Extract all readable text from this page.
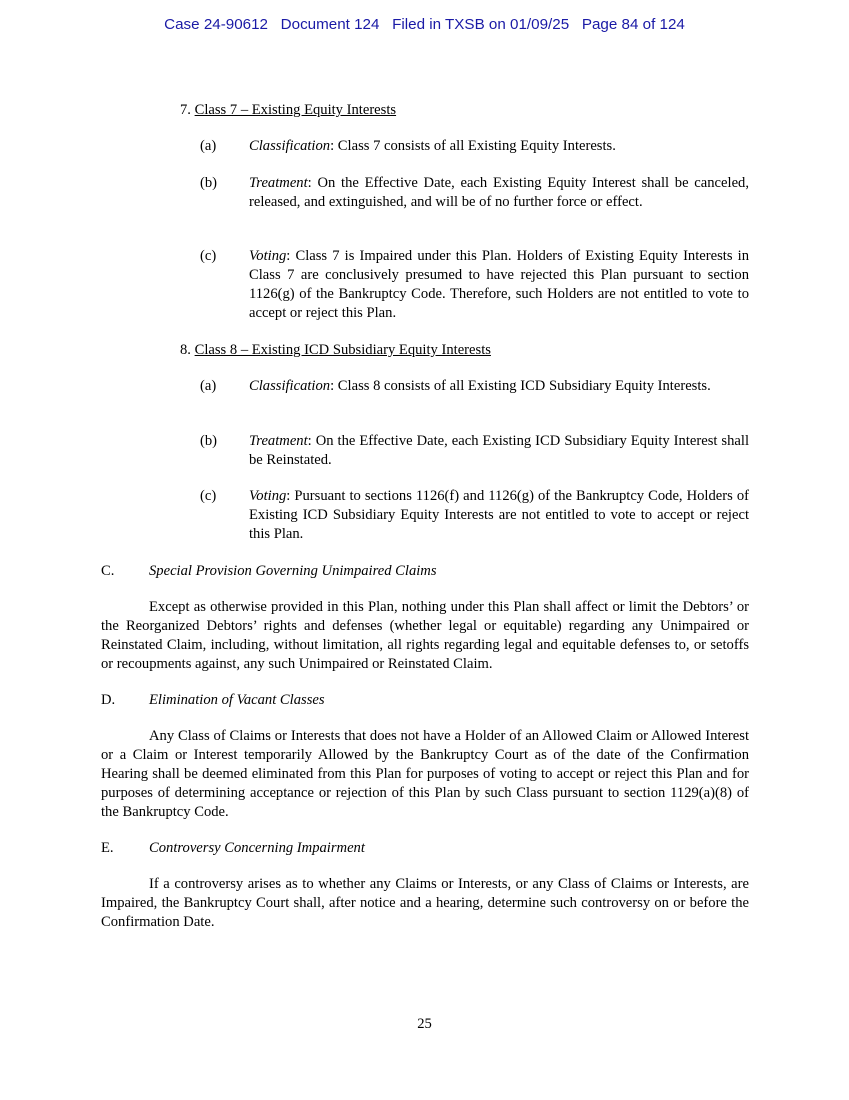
Case 24-90612 Document 124 Filed in TXSB on 01/09/25 Page 84 of 124
7. Class 7 – Existing Equity Interests
(a) Classification: Class 7 consists of all Existing Equity Interests.
(b) Treatment: On the Effective Date, each Existing Equity Interest shall be canceled, released, and extinguished, and will be of no further force or effect.
(c) Voting: Class 7 is Impaired under this Plan. Holders of Existing Equity Interests in Class 7 are conclusively presumed to have rejected this Plan pursuant to section 1126(g) of the Bankruptcy Code. Therefore, such Holders are not entitled to vote to accept or reject this Plan.
8. Class 8 – Existing ICD Subsidiary Equity Interests
(a) Classification: Class 8 consists of all Existing ICD Subsidiary Equity Interests.
(b) Treatment: On the Effective Date, each Existing ICD Subsidiary Equity Interest shall be Reinstated.
(c) Voting: Pursuant to sections 1126(f) and 1126(g) of the Bankruptcy Code, Holders of Existing ICD Subsidiary Equity Interests are not entitled to vote to accept or reject this Plan.
C. Special Provision Governing Unimpaired Claims
Except as otherwise provided in this Plan, nothing under this Plan shall affect or limit the Debtors’ or the Reorganized Debtors’ rights and defenses (whether legal or equitable) regarding any Unimpaired or Reinstated Claim, including, without limitation, all rights regarding legal and equitable defenses to, or setoffs or recoupments against, any such Unimpaired or Reinstated Claim.
D. Elimination of Vacant Classes
Any Class of Claims or Interests that does not have a Holder of an Allowed Claim or Allowed Interest or a Claim or Interest temporarily Allowed by the Bankruptcy Court as of the date of the Confirmation Hearing shall be deemed eliminated from this Plan for purposes of voting to accept or reject this Plan and for purposes of determining acceptance or rejection of this Plan by such Class pursuant to section 1129(a)(8) of the Bankruptcy Code.
E. Controversy Concerning Impairment
If a controversy arises as to whether any Claims or Interests, or any Class of Claims or Interests, are Impaired, the Bankruptcy Court shall, after notice and a hearing, determine such controversy on or before the Confirmation Date.
25
